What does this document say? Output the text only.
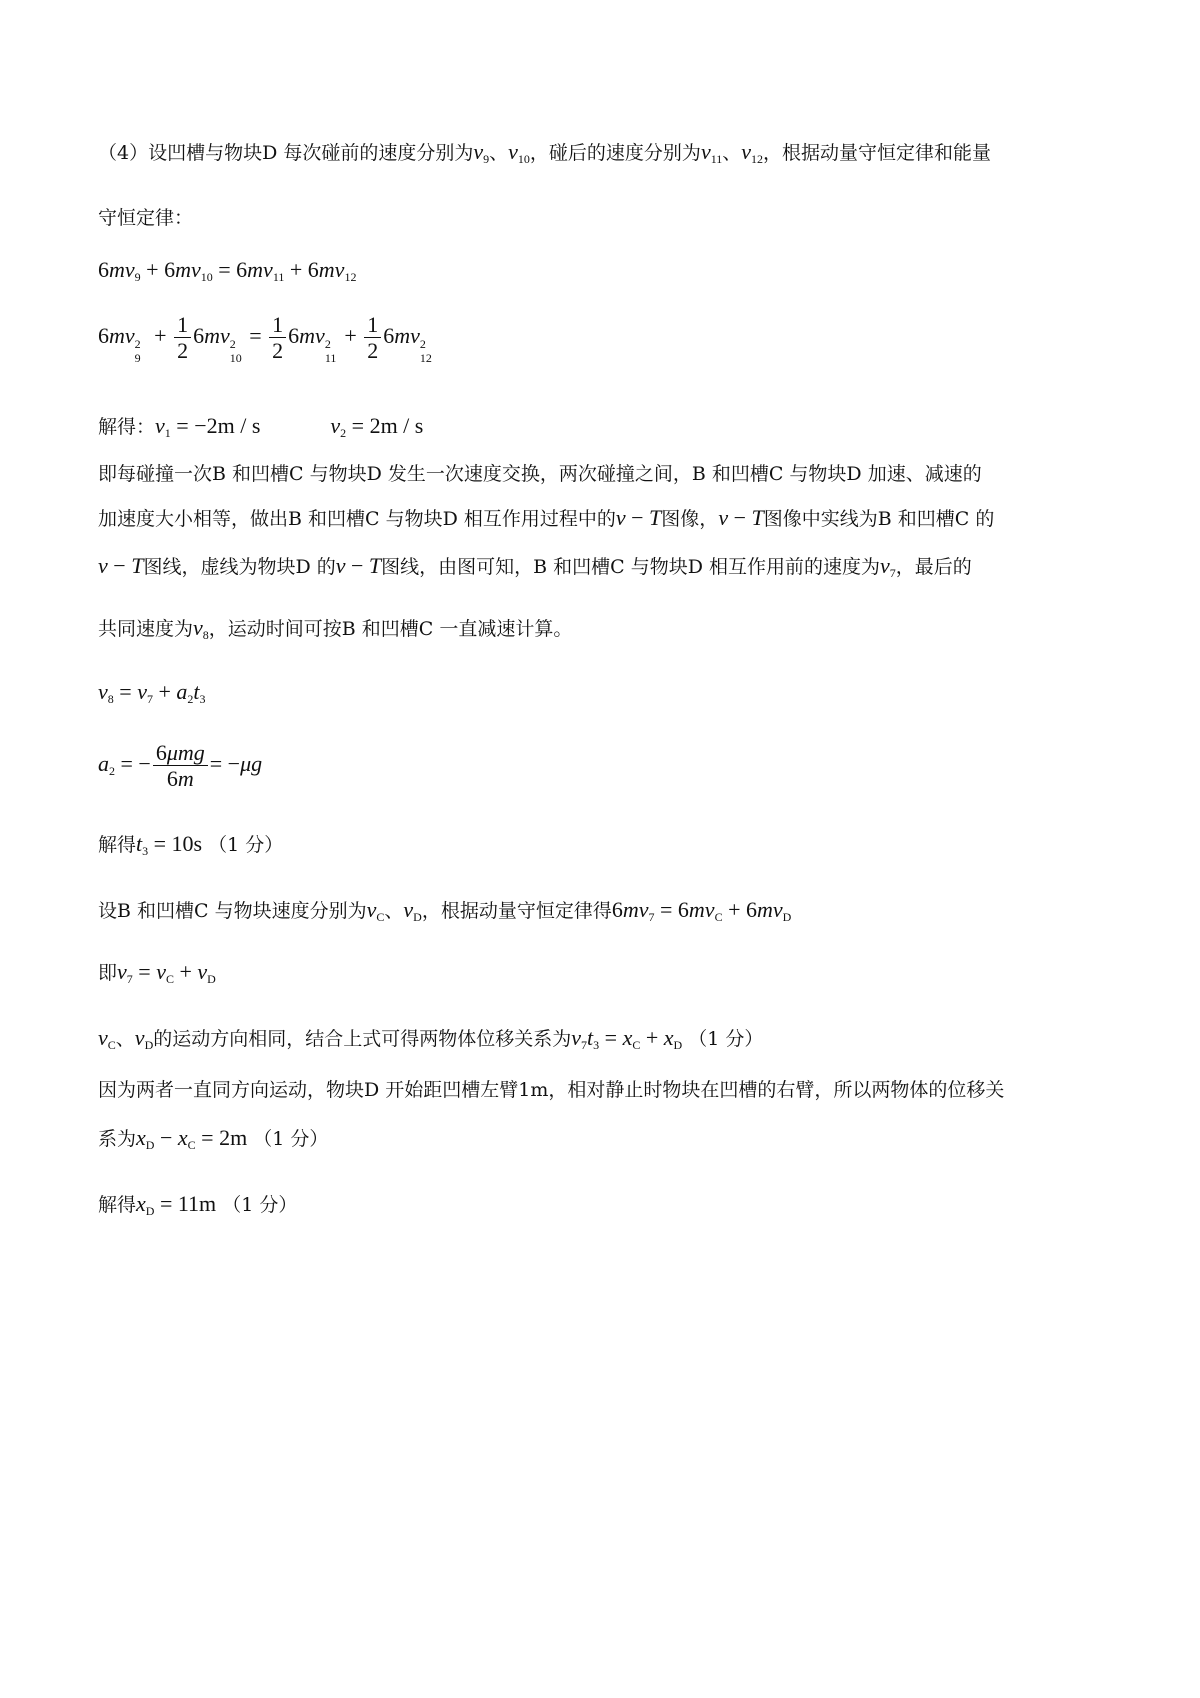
（4）设凹槽与物块D 每次碰前的速度分别为$v_9$、$v_{10}$，碰后的速度分别为$v_{11}$、$v_{12}$，根据动量守恒定律和能量
守恒定律：
$6mv_9 + 6mv_{10} = 6mv_{11} + 6mv_{12}$
6mv 2
9
+ $\frac{1}{2} 6mv$ 2
10
= $\frac{1}{2} 6mv$ 2
11
+ $\frac{1}{2} 6mv$ 2
12
解得：$v_1 = -2m / s$	$v_2 = 2m / s$
即每碰撞一次B 和凹槽C 与物块D 发生一次速度交换，两次碰撞之间，B 和凹槽C 与物块D 加速、减速的
加速度大小相等，做出B 和凹槽C 与物块D 相互作用过程中的v − T图像，v − T图像中实线为B 和凹槽C 的
v − T图线，虚线为物块D 的v − T图线，由图可知，B 和凹槽C 与物块D 相互作用前的速度为$v_7$，最后的
共同速度为$v_8$，运动时间可按B 和凹槽C 一直减速计算。
$v_8 = v_7 + a_2t_3$
$a_2$ = − 6μmg
6m
= −μg
解得$t_3 = 10s$ （1 分）
设B 和凹槽C 与物块速度分别为$v_C$、$v_D$，根据动量守恒定律得$6mv_7 = 6mv_C + 6mv_D$
即$v_7 = v_C + v_D$
$v_C$、$v_D$的运动方向相同，结合上式可得两物体位移关系为$v_7t_3 = x_C + x_D$ （1 分）
因为两者一直同方向运动，物块D 开始距凹槽左臂1m，相对静止时物块在凹槽的右臂，所以两物体的位移关
系为$x_D - x_C = 2m$ （1 分）
解得$x_D = 11m$ （1 分）
